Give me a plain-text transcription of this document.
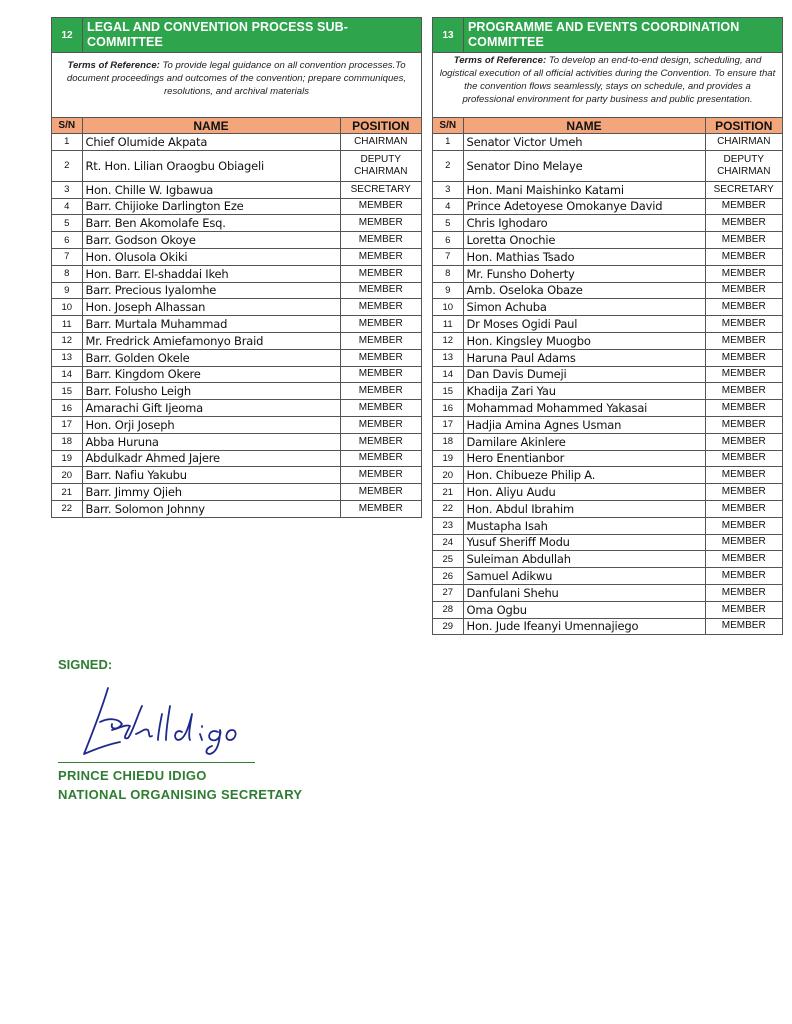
12
LEGAL AND CONVENTION PROCESS SUB-COMMITTEE
Terms of Reference: To provide legal guidance on all convention processes.To document proceedings and outcomes of the convention; prepare communiques, resolutions, and archival materials
S/N	NAME	POSITION
1	Chief Olumide Akpata	CHAIRMAN
2	Rt. Hon. Lilian Oraogbu Obiageli	DEPUTY CHAIRMAN
3	Hon. Chille W. Igbawua	SECRETARY
4	Barr. Chijioke Darlington Eze	MEMBER
5	Barr. Ben Akomolafe Esq.	MEMBER
6	Barr. Godson Okoye	MEMBER
7	Hon. Olusola Okiki	MEMBER
8	Hon. Barr. El-shaddai Ikeh	MEMBER
9	Barr. Precious Iyalomhe	MEMBER
10	Hon. Joseph Alhassan	MEMBER
11	Barr. Murtala Muhammad	MEMBER
12	Mr. Fredrick Amiefamonyo Braid	MEMBER
13	Barr. Golden Okele	MEMBER
14	Barr. Kingdom Okere	MEMBER
15	Barr. Folusho Leigh	MEMBER
16	Amarachi Gift Ijeoma	MEMBER
17	Hon. Orji Joseph	MEMBER
18	Abba Huruna	MEMBER
19	Abdulkadr Ahmed Jajere	MEMBER
20	Barr. Nafiu Yakubu	MEMBER
21	Barr. Jimmy Ojieh	MEMBER
22	Barr. Solomon Johnny	MEMBER
13
PROGRAMME AND EVENTS COORDINATION COMMITTEE
Terms of Reference: To develop an end-to-end design, scheduling, and logistical execution of all official activities during the Convention. To ensure that the convention flows seamlessly, stays on schedule, and provides a professional environment for party business and public presentation.
S/N	NAME	POSITION
1	Senator Victor Umeh	CHAIRMAN
2	Senator Dino Melaye	DEPUTY CHAIRMAN
3	Hon. Mani Maishinko Katami	SECRETARY
4	Prince Adetoyese Omokanye David	MEMBER
5	Chris Ighodaro	MEMBER
6	Loretta Onochie	MEMBER
7	Hon. Mathias Tsado	MEMBER
8	Mr. Funsho Doherty	MEMBER
9	Amb. Oseloka Obaze	MEMBER
10	Simon Achuba	MEMBER
11	Dr Moses Ogidi Paul	MEMBER
12	Hon. Kingsley Muogbo	MEMBER
13	Haruna Paul Adams	MEMBER
14	Dan Davis Dumeji	MEMBER
15	Khadija Zari Yau	MEMBER
16	Mohammad Mohammed Yakasai	MEMBER
17	Hadjia Amina Agnes Usman	MEMBER
18	Damilare Akinlere	MEMBER
19	Hero Enentianbor	MEMBER
20	Hon. Chibueze Philip A.	MEMBER
21	Hon. Aliyu Audu	MEMBER
22	Hon. Abdul Ibrahim	MEMBER
23	Mustapha Isah	MEMBER
24	Yusuf Sheriff Modu	MEMBER
25	Suleiman Abdullah	MEMBER
26	Samuel Adikwu	MEMBER
27	Danfulani Shehu	MEMBER
28	Oma Ogbu	MEMBER
29	Hon. Jude Ifeanyi Umennajiego	MEMBER
SIGNED:
PRINCE CHIEDU IDIGO
NATIONAL ORGANISING SECRETARY
